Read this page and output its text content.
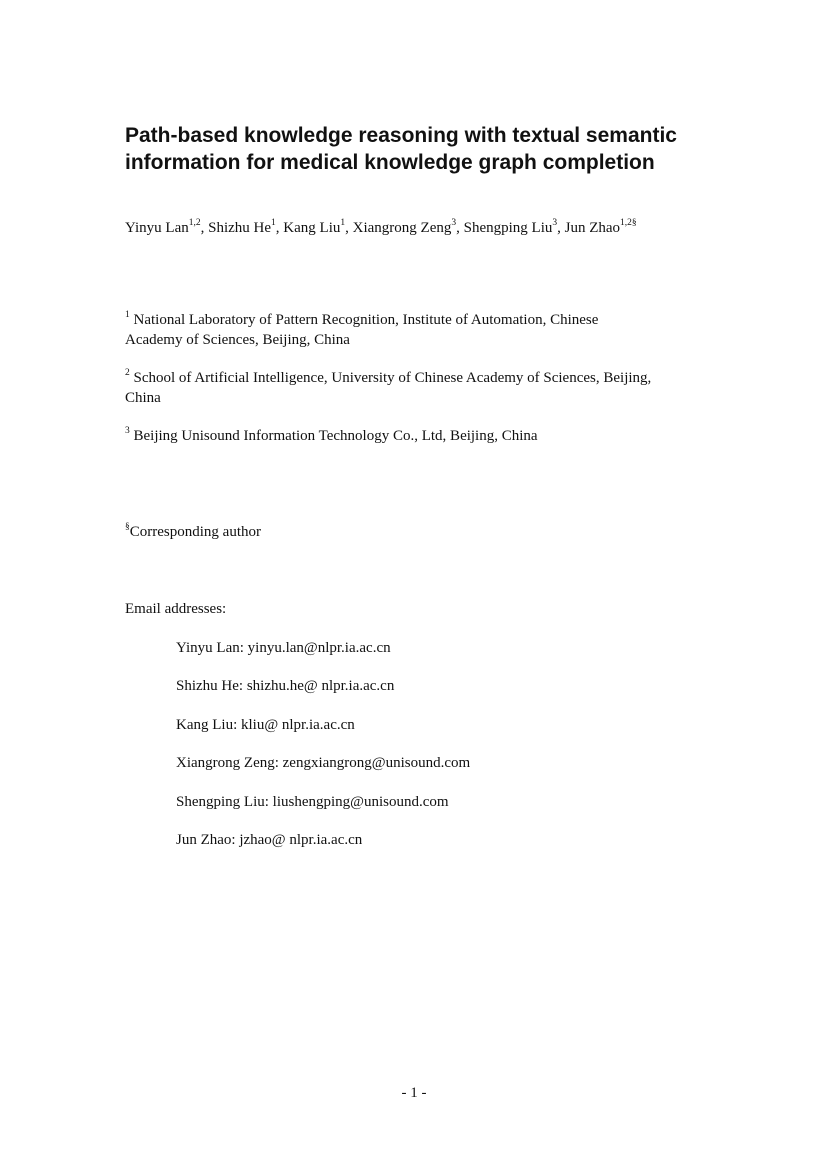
Path-based knowledge reasoning with textual semantic
information for medical knowledge graph completion
Yinyu Lan$^{1,2}$, Shizhu He$^1$, Kang Liu$^1$, Xiangrong Zeng$^3$, Shengping Liu$^3$, Jun Zhao$^{1,2\S}$
$^1$ National Laboratory of Pattern Recognition, Institute of Automation, Chinese
Academy of Sciences, Beijing, China
$^2$ School of Artificial Intelligence, University of Chinese Academy of Sciences, Beijing,
China
$^3$ Beijing Unisound Information Technology Co., Ltd, Beijing, China
§Corresponding author
Email addresses:
Yinyu Lan: yinyu.lan@nlpr.ia.ac.cn
Shizhu He: shizhu.he@ nlpr.ia.ac.cn
Kang Liu: kliu@ nlpr.ia.ac.cn
Xiangrong Zeng: zengxiangrong@unisound.com
Shengping Liu: liushengping@unisound.com
Jun Zhao: jzhao@ nlpr.ia.ac.cn
- 1 -
